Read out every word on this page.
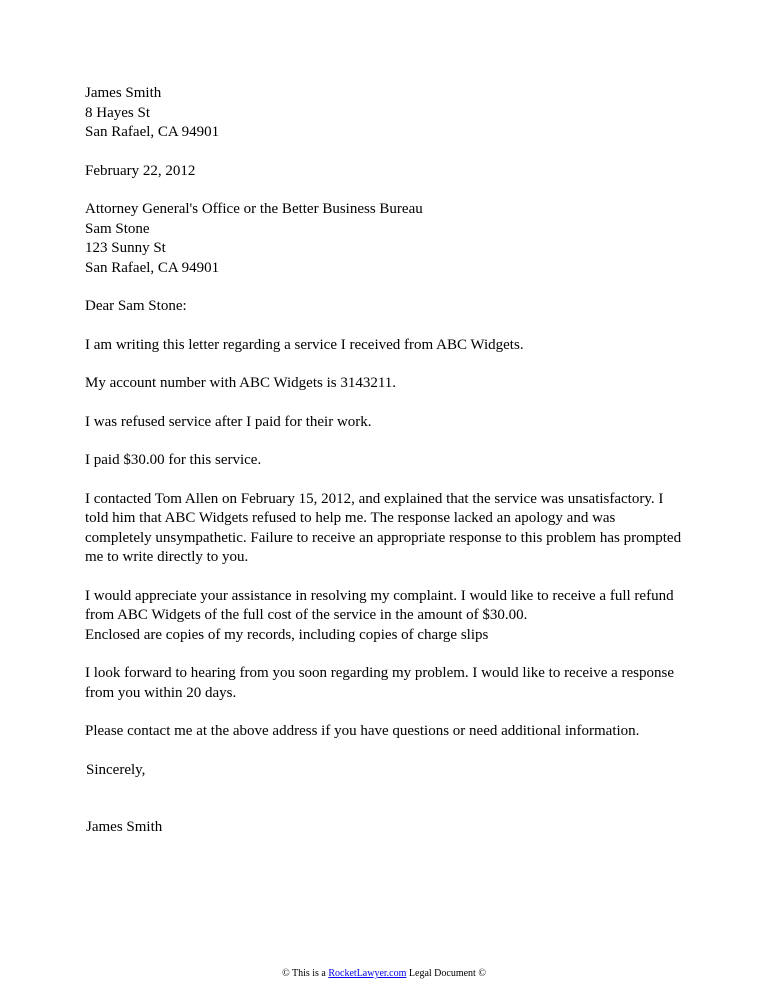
James Smith
8 Hayes St
San Rafael, CA 94901
February 22, 2012
Attorney General's Office or the Better Business Bureau
Sam Stone
123 Sunny St
San Rafael, CA 94901
Dear Sam Stone:
I am writing this letter regarding a service I received from ABC Widgets.
My account number with ABC Widgets is 3143211.
I was refused service after I paid for their work.
I paid $30.00 for this service.
I contacted Tom Allen on February 15, 2012, and explained that the service was unsatisfactory. I told him that ABC Widgets refused to help me. The response lacked an apology and was completely unsympathetic. Failure to receive an appropriate response to this problem has prompted me to write directly to you.
I would appreciate your assistance in resolving my complaint. I would like to receive a full refund from ABC Widgets of the full cost of the service in the amount of $30.00.
Enclosed are copies of my records, including copies of charge slips
I look forward to hearing from you soon regarding my problem. I would like to receive a response from you within 20 days.
Please contact me at the above address if you have questions or need additional information.
Sincerely,
James Smith
© This is a RocketLawyer.com Legal Document ©
